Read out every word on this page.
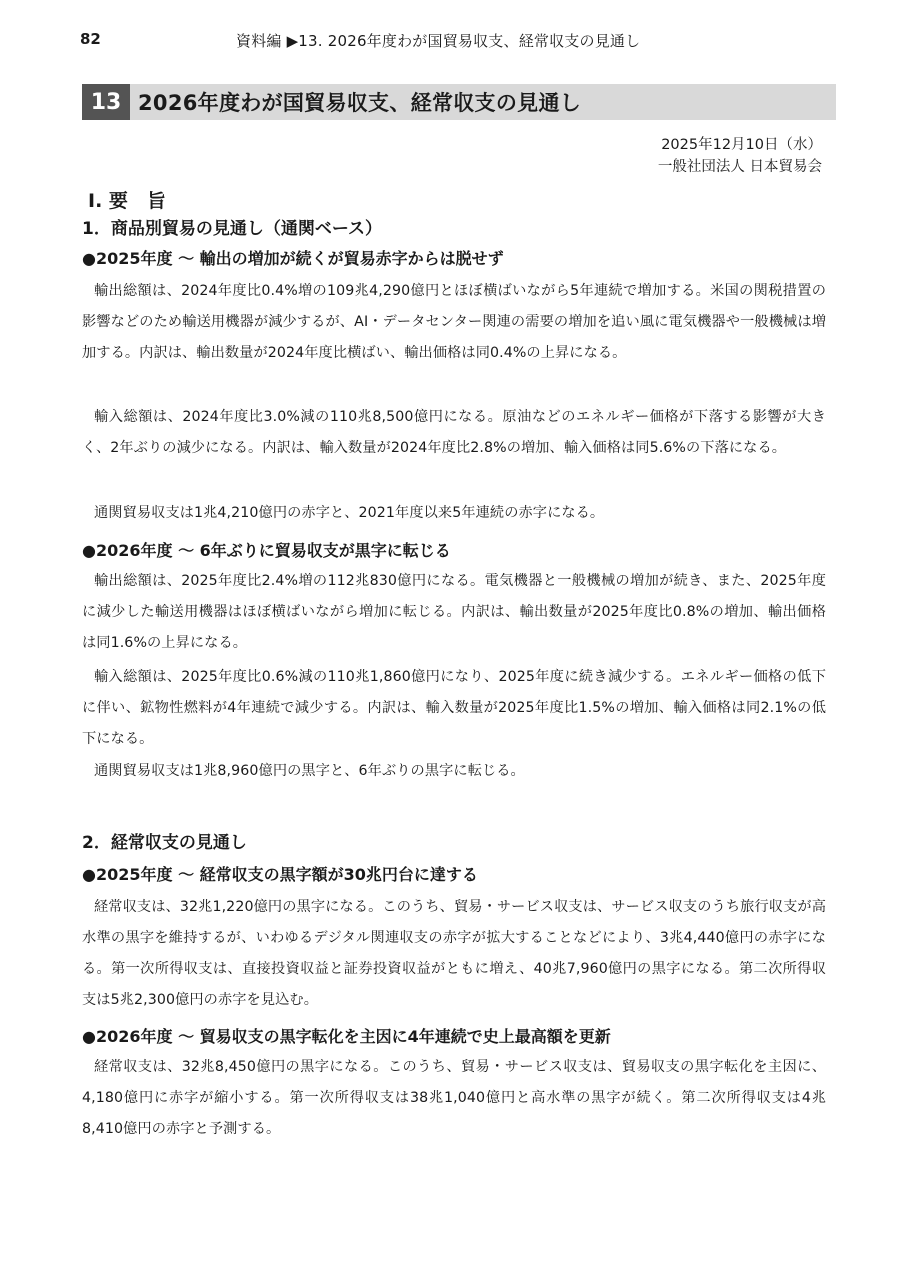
82	資料編 ▶13. 2026年度わが国貿易収支、経常収支の見通し
13 2026年度わが国貿易収支、経常収支の見通し
2025年12月10日（水）
一般社団法人 日本貿易会
Ⅰ. 要　旨
1．商品別貿易の見通し（通関ベース）
●2025年度 ～ 輸出の増加が続くが貿易赤字からは脱せず

輸出総額は、2024年度比0.4%増の109兆4,290億円とほぼ横ばいながら5年連続で増加する。米国の関税措置の影響などのため輸送用機器が減少するが、AI・データセンター関連の需要の増加を追い風に電気機器や一般機械は増加する。内訳は、輸出数量が2024年度比横ばい、輸出価格は同0.4%の上昇になる。

輸入総額は、2024年度比3.0%減の110兆8,500億円になる。原油などのエネルギー価格が下落する影響が大きく、2年ぶりの減少になる。内訳は、輸入数量が2024年度比2.8%の増加、輸入価格は同5.6%の下落になる。

通関貿易収支は1兆4,210億円の赤字と、2021年度以来5年連続の赤字になる。

●2026年度 ～ 6年ぶりに貿易収支が黒字に転じる

輸出総額は、2025年度比2.4%増の112兆830億円になる。電気機器と一般機械の増加が続き、また、2025年度に減少した輸送用機器はほぼ横ばいながら増加に転じる。内訳は、輸出数量が2025年度比0.8%の増加、輸出価格は同1.6%の上昇になる。

輸入総額は、2025年度比0.6%減の110兆1,860億円になり、2025年度に続き減少する。エネルギー価格の低下に伴い、鉱物性燃料が4年連続で減少する。内訳は、輸入数量が2025年度比1.5%の増加、輸入価格は同2.1%の低下になる。

通関貿易収支は1兆8,960億円の黒字と、6年ぶりの黒字に転じる。

2．経常収支の見通し
●2025年度 ～ 経常収支の黒字額が30兆円台に達する

経常収支は、32兆1,220億円の黒字になる。このうち、貿易・サービス収支は、サービス収支のうち旅行収支が高水準の黒字を維持するが、いわゆるデジタル関連収支の赤字が拡大することなどにより、3兆4,440億円の赤字になる。第一次所得収支は、直接投資収益と証券投資収益がともに増え、40兆7,960億円の黒字になる。第二次所得収支は5兆2,300億円の赤字を見込む。

●2026年度 ～ 貿易収支の黒字転化を主因に4年連続で史上最高額を更新

経常収支は、32兆8,450億円の黒字になる。このうち、貿易・サービス収支は、貿易収支の黒字転化を主因に、4,180億円に赤字が縮小する。第一次所得収支は38兆1,040億円と高水準の黒字が続く。第二次所得収支は4兆8,410億円の赤字と予測する。
